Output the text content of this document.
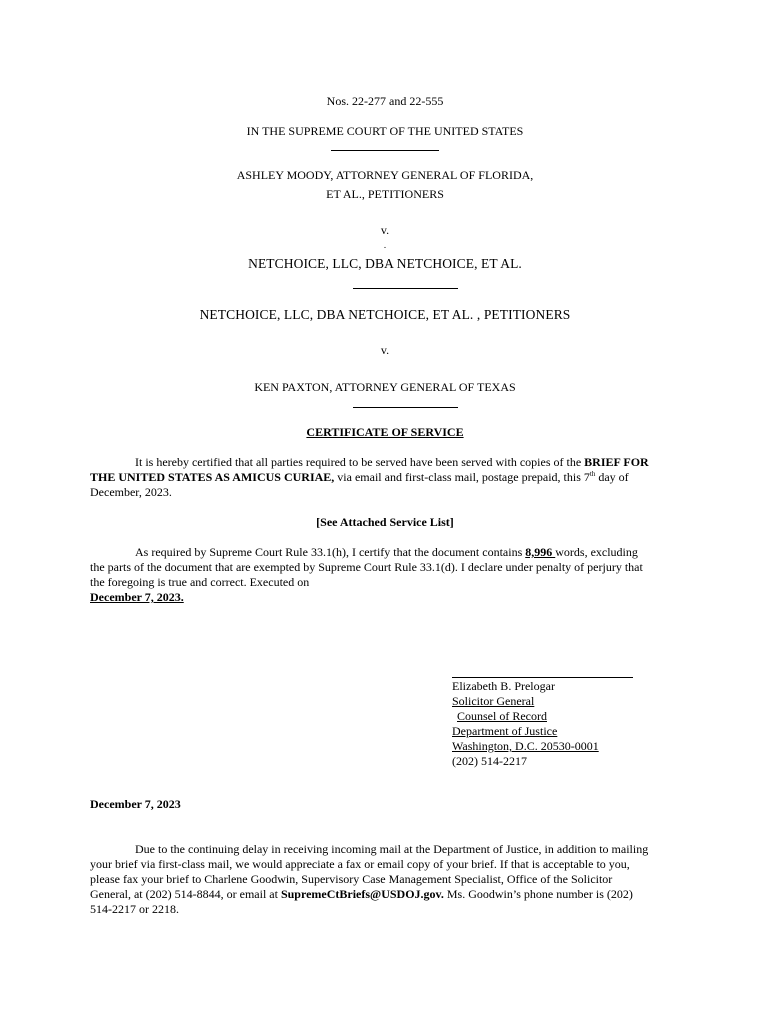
Nos. 22-277 and 22-555
IN THE SUPREME COURT OF THE UNITED STATES
ASHLEY MOODY, ATTORNEY GENERAL OF FLORIDA,
ET AL., PETITIONERS
v.
.
NETCHOICE, LLC, DBA NETCHOICE, ET AL.
NETCHOICE, LLC, DBA NETCHOICE, ET AL. , PETITIONERS
v.
KEN PAXTON, ATTORNEY GENERAL OF TEXAS
CERTIFICATE OF SERVICE
It is hereby certified that all parties required to be served have been served with copies of the BRIEF FOR
THE UNITED STATES AS AMICUS CURIAE, via email and first-class mail, postage prepaid, this 7th day of
December, 2023.
[See Attached Service List]
As required by Supreme Court Rule 33.1(h), I certify that the document contains 8,996 words, excluding
the parts of the document that are exempted by Supreme Court Rule 33.1(d). I declare under penalty of perjury that
the foregoing is true and correct. Executed on
December 7, 2023.
Elizabeth B. Prelogar
Solicitor General
Counsel of Record
Department of Justice
Washington, D.C. 20530-0001
(202) 514-2217
December 7, 2023
Due to the continuing delay in receiving incoming mail at the Department of Justice, in addition to mailing
your brief via first-class mail, we would appreciate a fax or email copy of your brief. If that is acceptable to you,
please fax your brief to Charlene Goodwin, Supervisory Case Management Specialist, Office of the Solicitor
General, at (202) 514-8844, or email at SupremeCtBriefs@USDOJ.gov. Ms. Goodwin’s phone number is (202)
514-2217 or 2218.
